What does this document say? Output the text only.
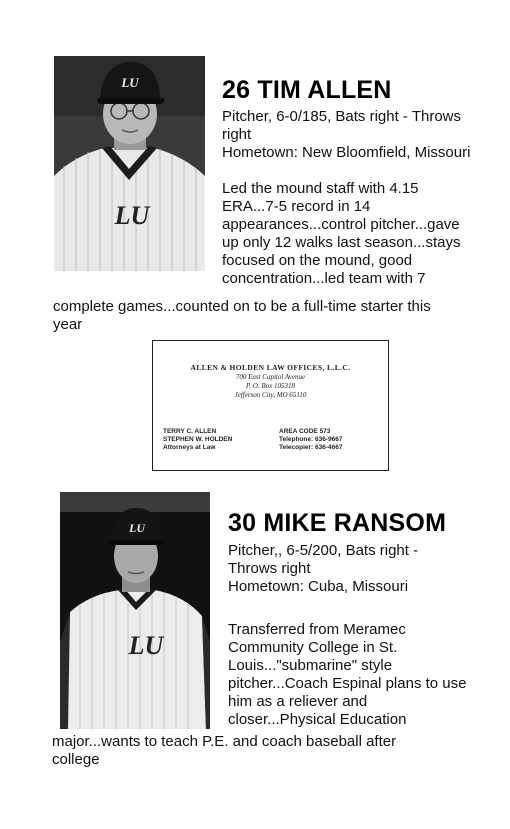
LU
LU
26 TIM ALLEN
Pitcher, 6-0/185, Bats right - Throws
right
Hometown: New Bloomfield, Missouri
Led the mound staff with 4.15
ERA...7-5 record in 14
appearances...control pitcher...gave
up only 12 walks last season...stays
focused on the mound, good
concentration...led team with 7
complete games...counted on to be a full-time starter this
year
ALLEN & HOLDEN LAW OFFICES, L.L.C.
700 East Capitol Avenue
P. O. Box 105318
Jefferson City, MO 65110
TERRY C. ALLEN
STEPHEN W. HOLDEN
Attorneys at Law
AREA CODE 573
Telephone: 636-9667
Telecopier: 636-4667
LU
LU
30 MIKE RANSOM
Pitcher,, 6-5/200, Bats right -
Throws right
Hometown: Cuba, Missouri
Transferred from Meramec
Community College in St.
Louis..."submarine" style
pitcher...Coach Espinal plans to use
him as a reliever and
closer...Physical Education
major...wants to teach P.E. and coach baseball after
college
